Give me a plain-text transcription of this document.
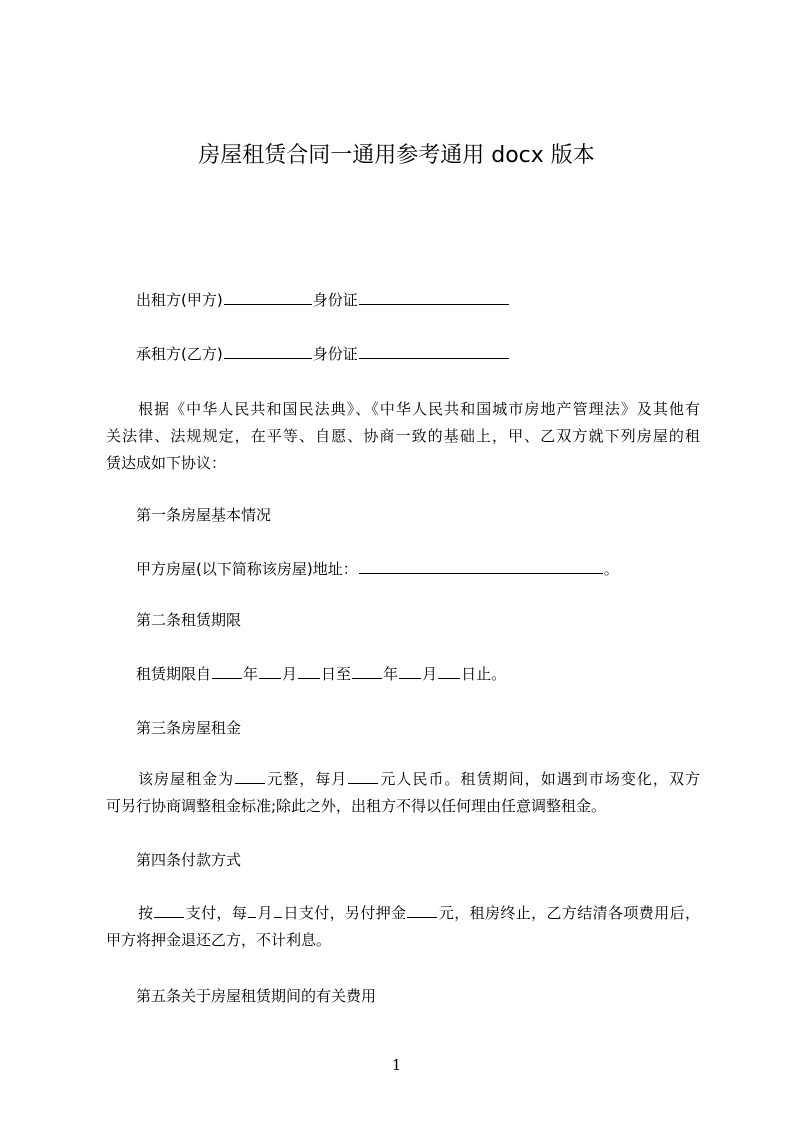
房屋租赁合同一通用参考通用 docx 版本
出租方(甲方)	身份证
承租方(乙方)	身份证
根据《中华人民共和国民法典》、《中华人民共和国城市房地产管理法》及其他有
关法律、法规规定，在平等、自愿、协商一致的基础上，甲、乙双方就下列房屋的租
赁达成如下协议：
第一条房屋基本情况
甲方房屋(以下简称该房屋)地址：	。
第二条租赁期限
租赁期限自 年 月 日至 年 月 日止。
第三条房屋租金
该房屋租金为 元整，每月 元人民币。租赁期间，如遇到市场变化，双方
可另行协商调整租金标准;除此之外，出租方不得以任何理由任意调整租金。
第四条付款方式
按 支付，每 月 日支付，另付押金 元，租房终止，乙方结清各项费用后，
甲方将押金退还乙方，不计利息。
第五条关于房屋租赁期间的有关费用
1
